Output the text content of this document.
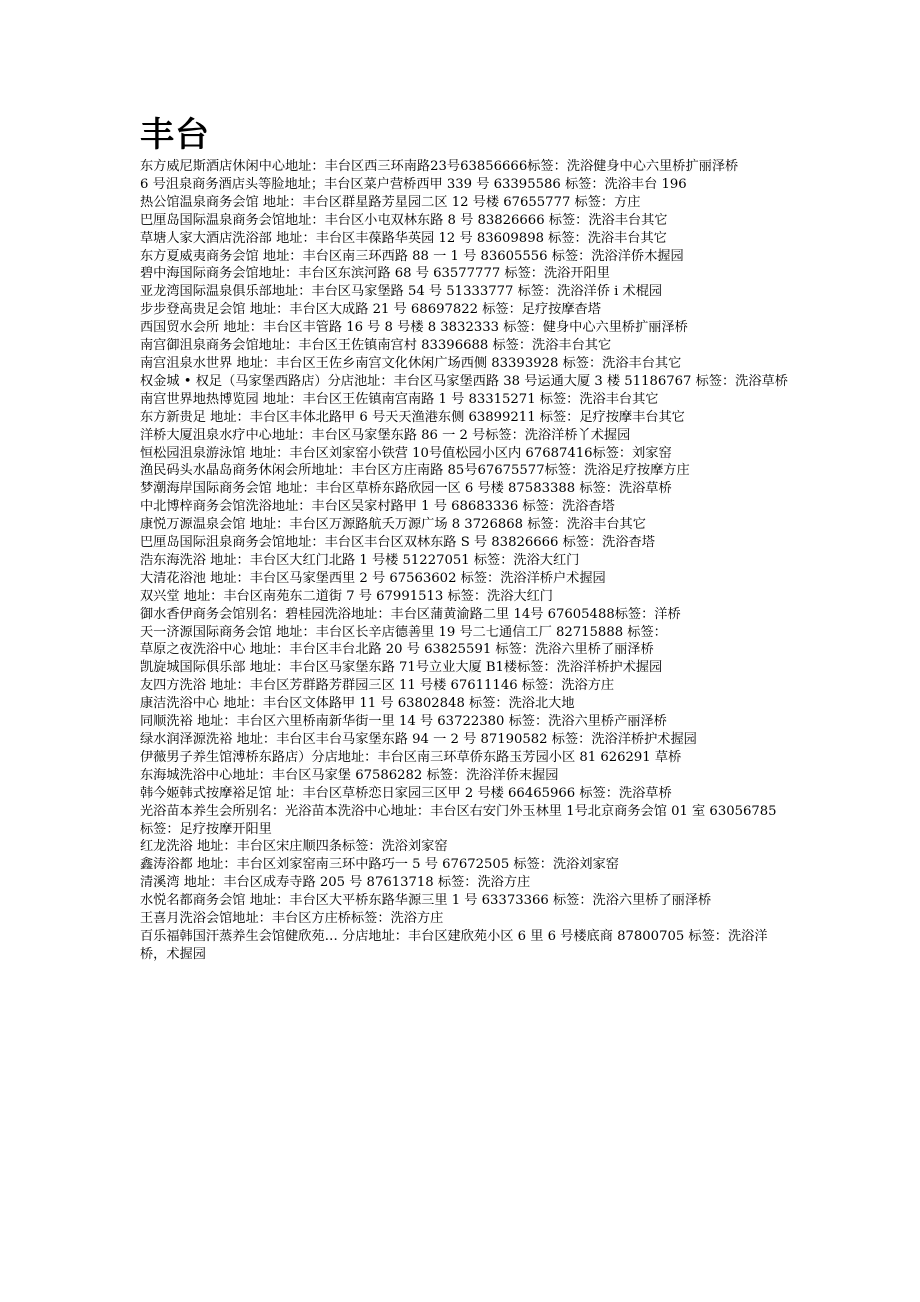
丰台
东方威尼斯酒店休闲中心地址：丰台区西三环南路23号63856666标签：洗浴健身中心六里桥扩丽泽桥
6 号沮泉商务酒店头等脸地址；丰台区菜户营桥西甲 339 号 63395586 标签：洗浴丰台 196
热公馆温泉商务会馆 地址：丰台区群星路芳星园二区 12 号楼 67655777 标签：方庄
巴厘岛国际温泉商务会馆地址：丰台区小屯双林东路 8 号 83826666 标签：洗浴丰台其它
草塘人家大酒店洗浴部 地址：丰台区丰葆路华英园 12 号 83609898 标签：洗浴丰台其它
东方夏威夷商务会馆 地址：丰台区南三环西路 88 一 1 号 83605556 标签：洗浴洋侨木握园
碧中海国际商务会馆地址：丰台区东滨河路 68 号 63577777 标签：洗浴开阳里
亚龙湾国际温泉俱乐部地址：丰台区马家堡路 54 号 51333777 标签：洗浴洋侨 i 术棍园
步步登高贵足会馆 地址：丰台区大成路 21 号 68697822 标签：足疗按摩杳塔
西国贸水会所 地址：丰台区丰管路 16 号 8 号楼 8 3832333 标签：健身中心六里桥扩丽泽桥
南宫御沮泉商务会馆地址：丰台区王佐镇南宫村 83396688 标签：洗浴丰台其它
南宫沮泉水世界 地址：丰台区王佐乡南宫文化休闲广场西侧 83393928 标签：洗浴丰台其它
权金城 • 权足（马家堡西路店）分店池址：丰台区马家堡西路 38 号运通大厦 3 楼 51186767 标签：洗浴草桥
南宫世界地热博览园 地址：丰台区王佐镇南宫南路 1 号 83315271 标签：洗浴丰台其它
东方新贵足 地址：丰台区丰体北路甲 6 号天天渔港东侧 63899211 标签：足疗按摩丰台其它
洋桥大厦沮泉水疗中心地址：丰台区马家堡东路 86 一 2 号标签：洗浴洋桥丫术握园
恒松园沮泉游泳馆 地址：丰台区刘家窑小铁营 10号值松园小区内 67687416标签：刘家窑
渔民码头水晶岛商务休闲会所地址：丰台区方庄南路 85号67675577标签：洗浴足疗按摩方庄
梦潮海岸国际商务会馆 地址：丰台区草桥东路欣园一区 6 号楼 87583388 标签：洗浴草桥
中北博梓商务会馆洗浴地址：丰台区吴家村路甲 1 号 68683336 标签：洗浴杳塔
康悦万源温泉会馆 地址：丰台区万源路航夭万源广场 8 3726868 标签：洗浴丰台其它
巴厘岛国际沮泉商务会馆地址：丰台区丰台区双林东路 S 号 83826666 标签：洗浴杳塔
浩东海洗浴 地址：丰台区大红门北路 1 号楼 51227051 标签：洗浴大红门
大清花浴池 地址：丰台区马家堡西里 2 号 67563602 标签：洗浴洋桥户术握园
双兴堂 地址：丰台区南苑东二道街 7 号 67991513 标签：洗浴大红门
御水香伊商务会馆别名：碧桂园洗浴地址：丰台区蒲黄渝路二里 14号 67605488标签：洋桥
天一济源国际商务会馆 地址：丰台区长辛店德善里 19 号二七通信工厂 82715888 标签：
草原之夜洗浴中心 地址：丰台区丰台北路 20 号 63825591 标签：洗浴六里桥了丽泽桥
凯旋城国际俱乐部 地址：丰台区马家堡东路 71号立业大厦 B1楼标签：洗浴洋桥护术握园
友四方洗浴 地址：丰台区芳群路芳群园三区 11 号楼 67611146 标签：洗浴方庄
康洁洗浴中心 地址：丰台区文体路甲 11 号 63802848 标签：洗浴北大地
同顺洗裕 地址：丰台区六里桥南新华街一里 14 号 63722380 标签：洗浴六里桥产丽泽桥
绿水润泽源洗裕 地址：丰台区丰台马家堡东路 94 一 2 号 87190582 标签：洗浴洋桥护术握园
伊薇男子养生馆溥桥东路店）分店地址：丰台区南三环草侨东路玉芳园小区 81 626291 草桥
东海城洗浴中心地址：丰台区马家堡 67586282 标签：洗浴洋侨末握园
韩今姬韩式按摩裕足馆 址：丰台区草桥恋日家园三区甲 2 号楼 66465966 标签：洗浴草桥
光浴苗本养生会所别名：光浴苗本洗浴中心地址：丰台区右安门外玉林里 1号北京商务会馆 01 室 63056785 标签：足疗按摩开阳里
红龙洗浴 地址：丰台区宋庄顺四条标签：洗浴刘家窑
鑫涛浴都 地址：丰台区刘家窑南三环中路巧一 5 号 67672505 标签：洗浴刘家窑
清溪湾 地址：丰台区成寿寺路 205 号 87613718 标签：洗浴方庄
水悦名都商务会馆 地址：丰台区大平桥东路华源三里 1 号 63373366 标签：洗浴六里桥了丽泽桥
王喜月洗浴会馆地址：丰台区方庄桥标签：洗浴方庄
百乐福韩国汗蒸养生会馆健欣苑… 分店地址：丰台区建欣苑小区 6 里 6 号楼底商 87800705 标签：洗浴洋桥，术握园
